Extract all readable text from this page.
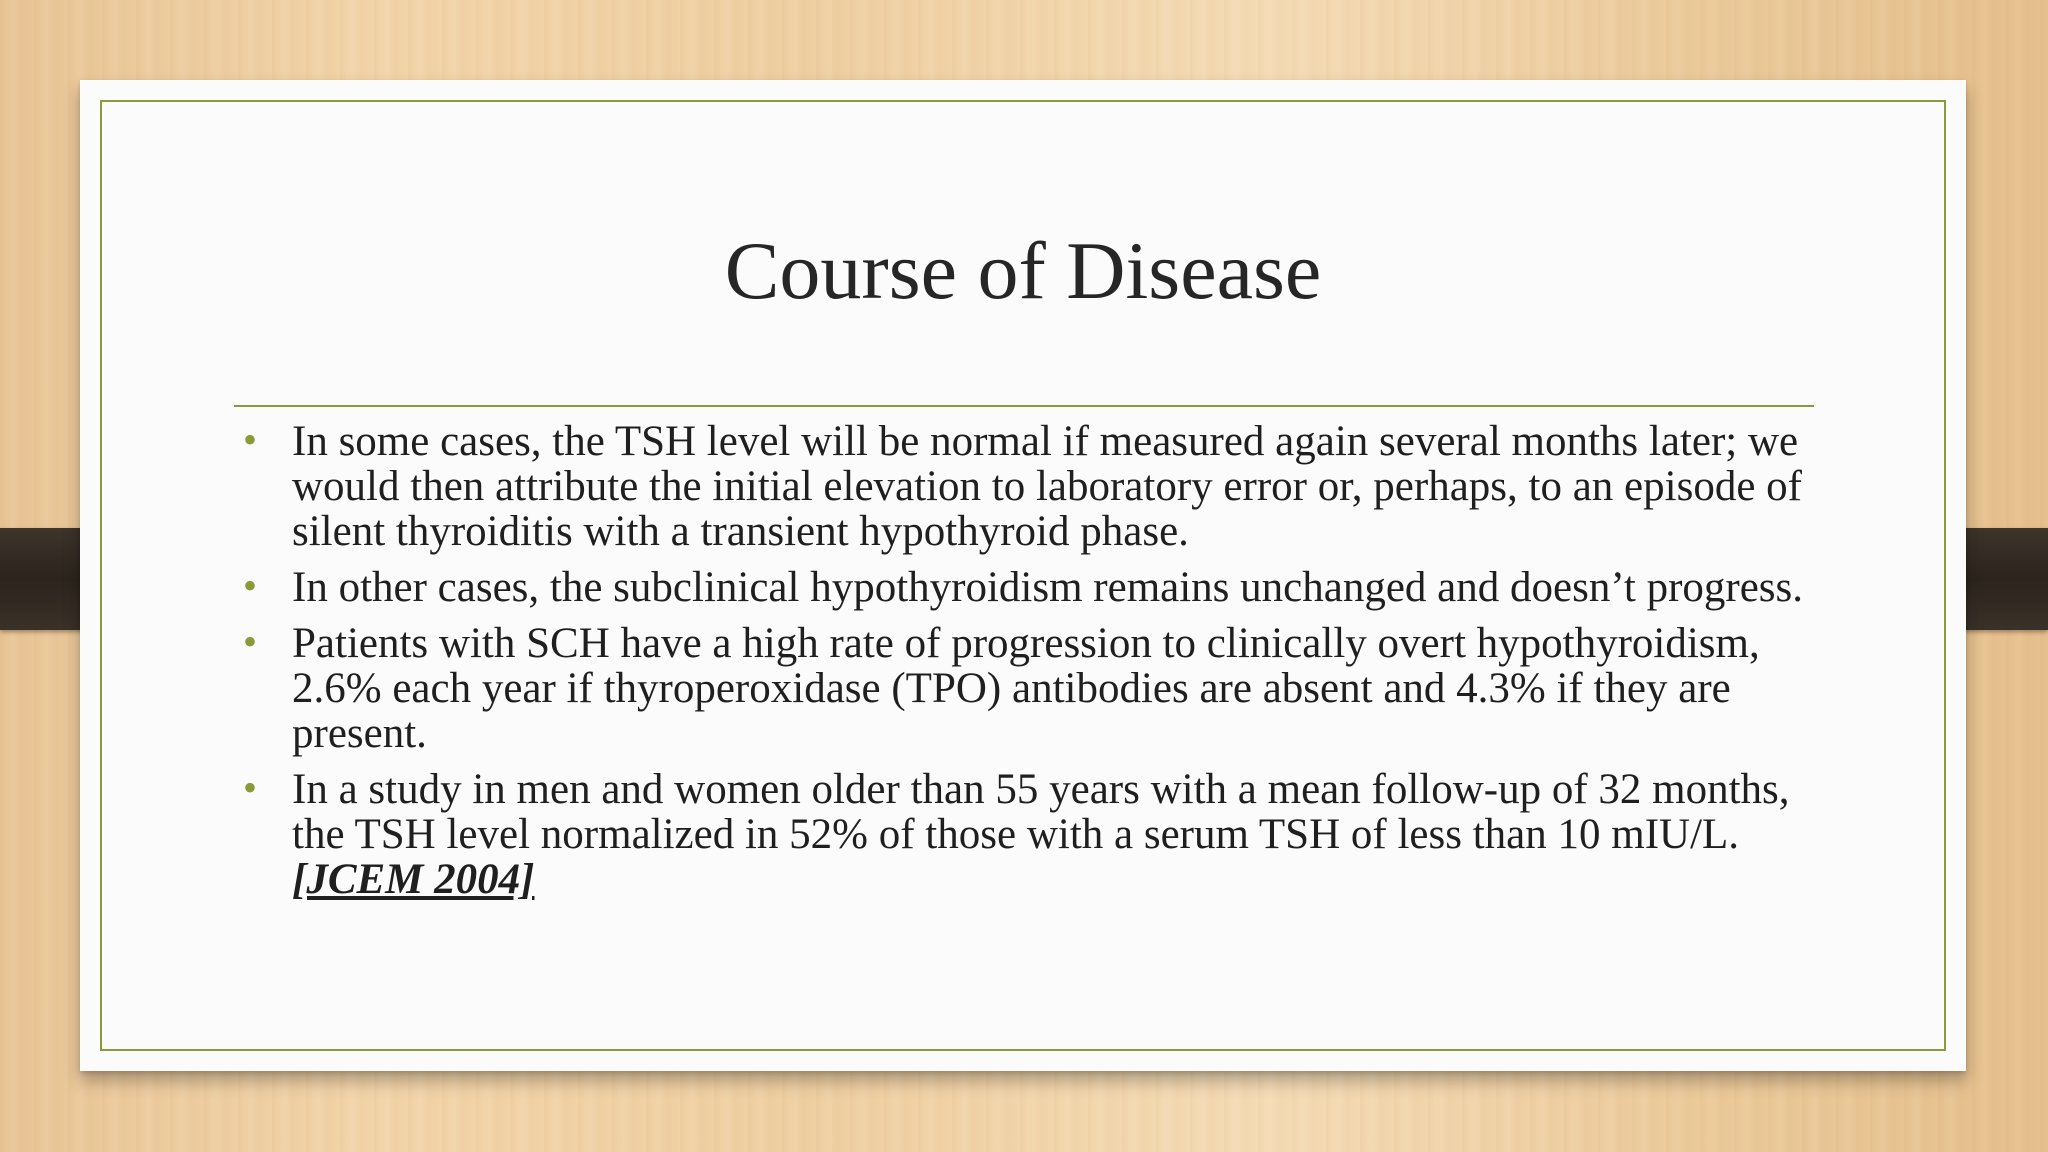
Course of Disease
• In some cases, the TSH level will be normal if measured again several months later; we would then attribute the initial elevation to laboratory error or, perhaps, to an episode of silent thyroiditis with a transient hypothyroid phase.
• In other cases, the subclinical hypothyroidism remains unchanged and doesn’t progress.
• Patients with SCH have a high rate of progression to clinically overt hypothyroidism, 2.6% each year if thyroperoxidase (TPO) antibodies are absent and 4.3% if they are present.
• In a study in men and women older than 55 years with a mean follow-up of 32 months, the TSH level normalized in 52% of those with a serum TSH of less than 10 mIU/L. [JCEM 2004]
